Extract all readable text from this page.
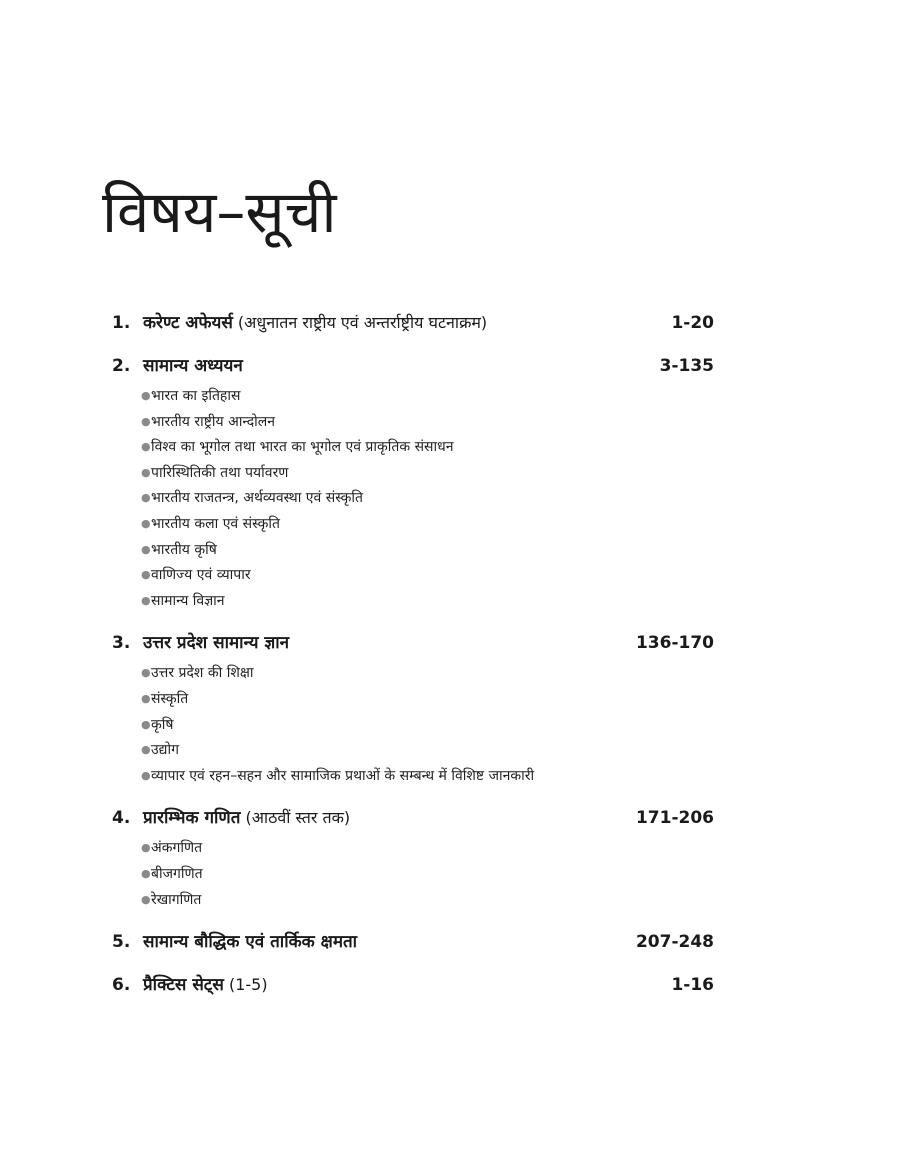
विषय–सूची
1. करेण्ट अफेयर्स (अधुनातन राष्ट्रीय एवं अन्तर्राष्ट्रीय घटनाक्रम)	1-20
2. सामान्य अध्ययन	3-135
●भारत का इतिहास
●भारतीय राष्ट्रीय आन्दोलन
●विश्व का भूगोल तथा भारत का भूगोल एवं प्राकृतिक संसाधन
●पारिस्थितिकी तथा पर्यावरण
●भारतीय राजतन्त्र, अर्थव्यवस्था एवं संस्कृति
●भारतीय कला एवं संस्कृति
●भारतीय कृषि
●वाणिज्य एवं व्यापार
●सामान्य विज्ञान
3. उत्तर प्रदेश सामान्य ज्ञान	136-170
●उत्तर प्रदेश की शिक्षा
●संस्कृति
●कृषि
●उद्योग
●व्यापार एवं रहन–सहन और सामाजिक प्रथाओं के सम्बन्ध में विशिष्ट जानकारी
4. प्रारम्भिक गणित (आठवीं स्तर तक)	171-206
●अंकगणित
●बीजगणित
●रेखागणित
5. सामान्य बौद्धिक एवं तार्किक क्षमता	207-248
6. प्रैक्टिस सेट्स (1-5)	1-16
